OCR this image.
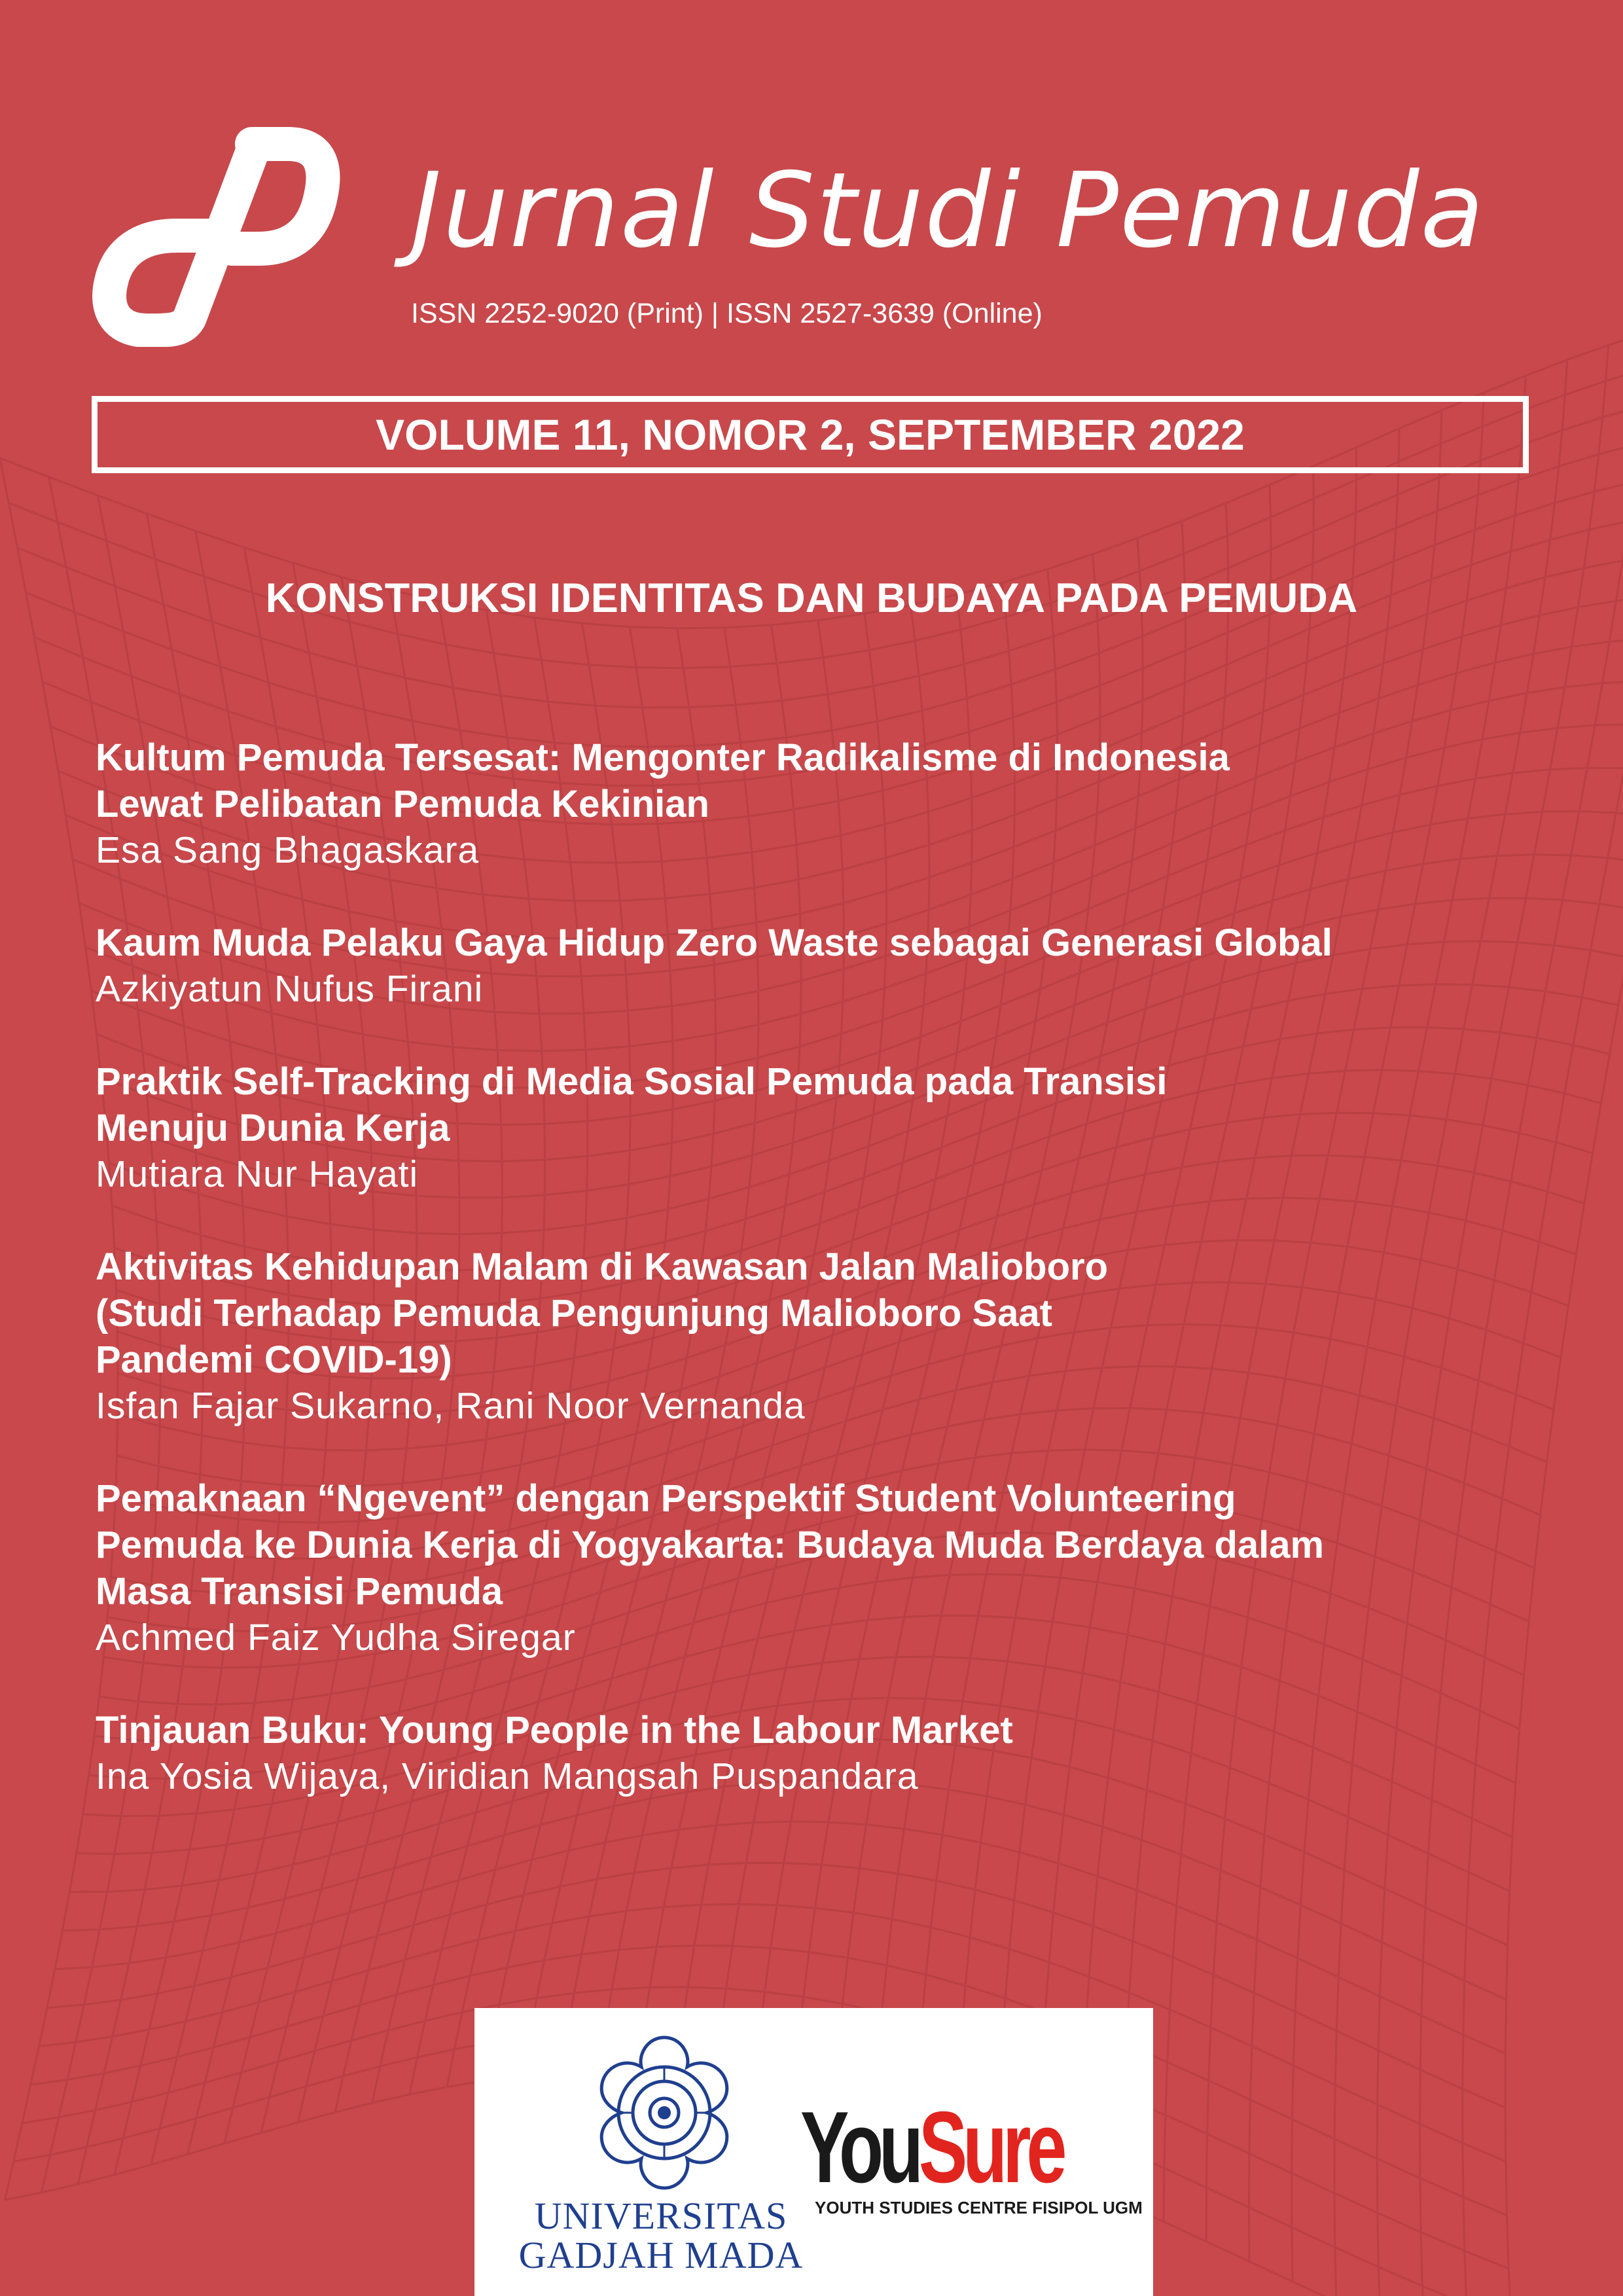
Jurnal Studi Pemuda
ISSN 2252-9020 (Print) | ISSN 2527-3639 (Online)
VOLUME 11, NOMOR 2, SEPTEMBER 2022
KONSTRUKSI IDENTITAS DAN BUDAYA PADA PEMUDA
Kultum Pemuda Tersesat: Mengonter Radikalisme di Indonesia
Lewat Pelibatan Pemuda Kekinian
Esa Sang Bhagaskara
Kaum Muda Pelaku Gaya Hidup Zero Waste sebagai Generasi Global
Azkiyatun Nufus Firani
Praktik Self-Tracking di Media Sosial Pemuda pada Transisi
Menuju Dunia Kerja
Mutiara Nur Hayati
Aktivitas Kehidupan Malam di Kawasan Jalan Malioboro
(Studi Terhadap Pemuda Pengunjung Malioboro Saat
Pandemi COVID-19)
Isfan Fajar Sukarno, Rani Noor Vernanda
Pemaknaan “Ngevent” dengan Perspektif Student Volunteering
Pemuda ke Dunia Kerja di Yogyakarta: Budaya Muda Berdaya dalam
Masa Transisi Pemuda
Achmed Faiz Yudha Siregar
Tinjauan Buku: Young People in the Labour Market
Ina Yosia Wijaya, Viridian Mangsah Puspandara
UNIVERSITAS
GADJAH MADA
YouSure
YOUTH STUDIES CENTRE FISIPOL UGM
